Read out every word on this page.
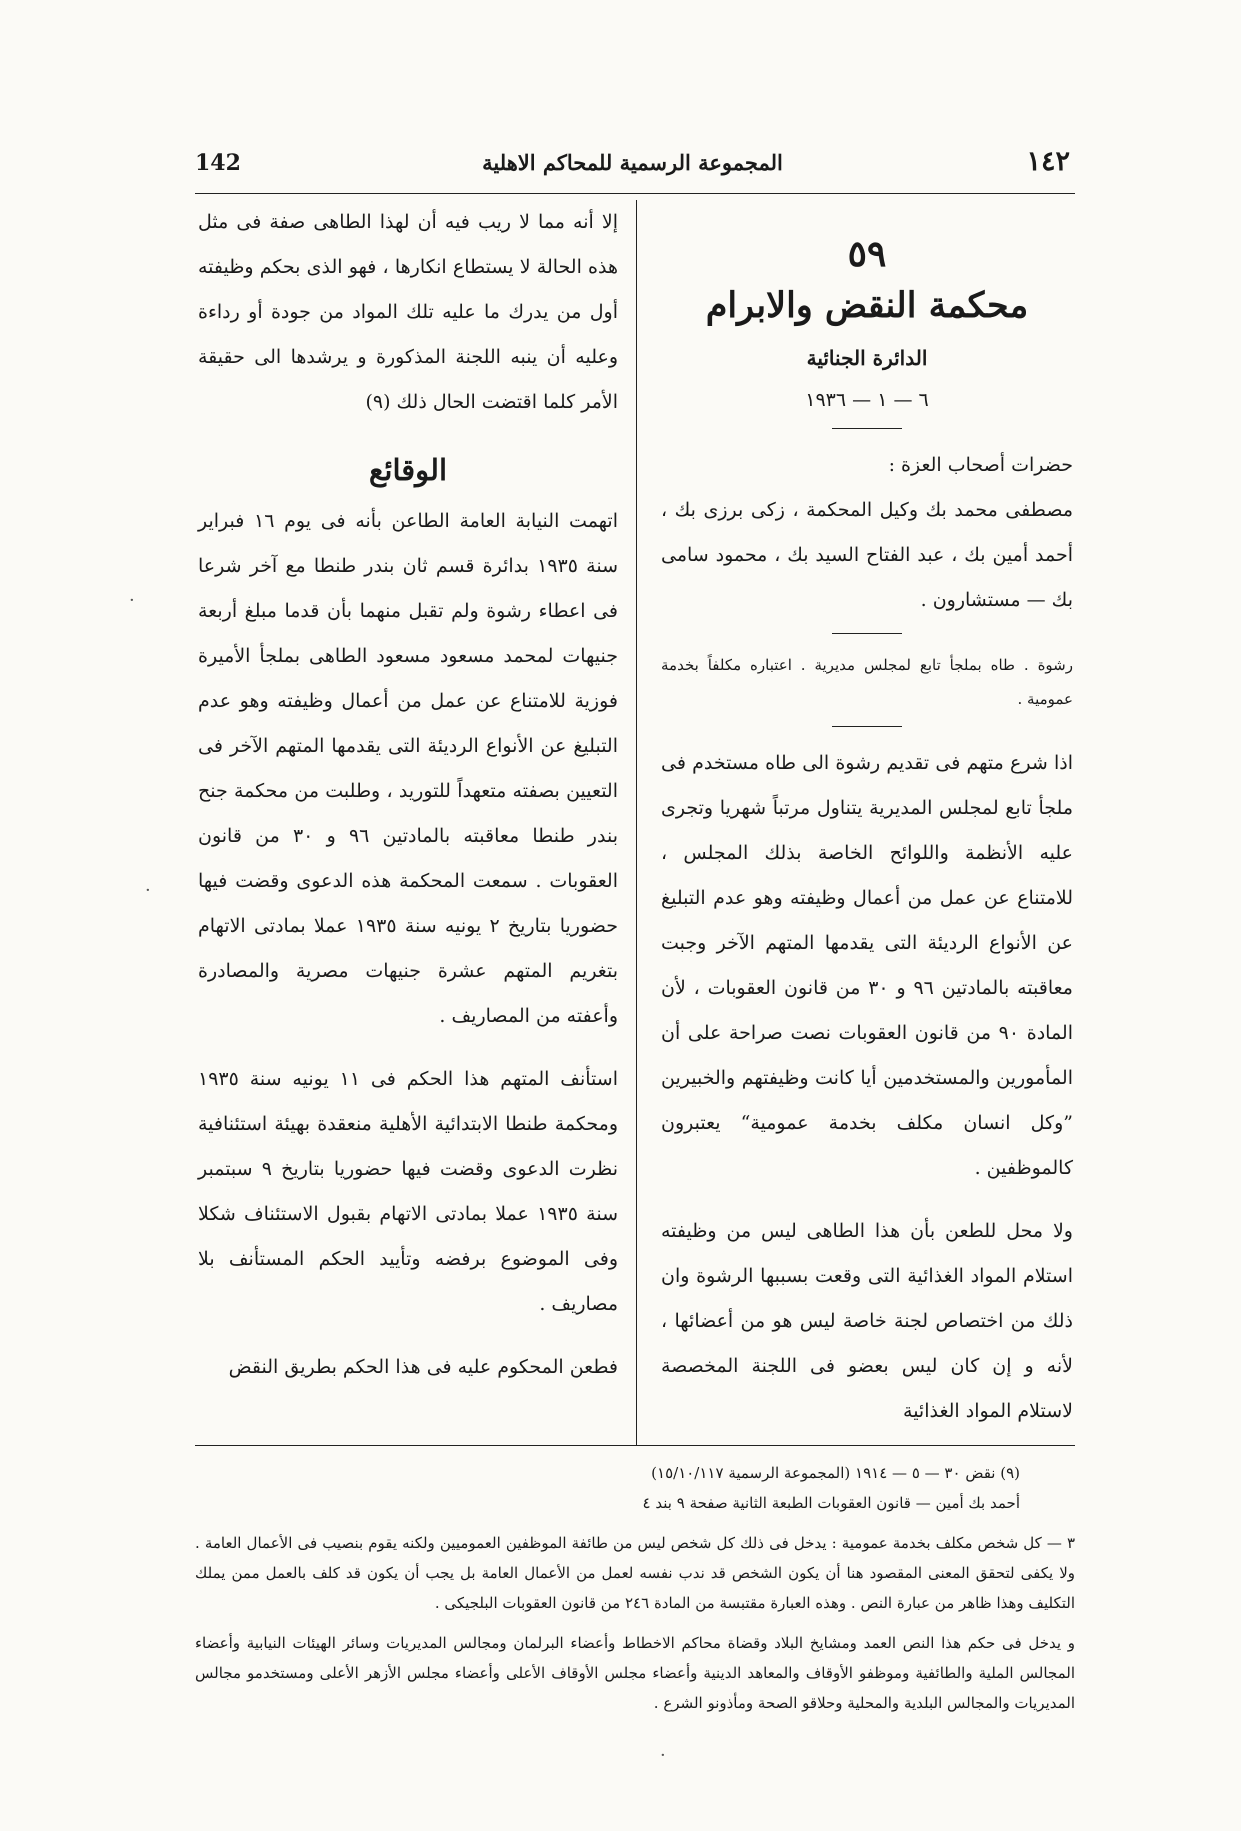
142	المجموعة الرسمية للمحاكم الاهلية	١٤٢
٥٩
محكمة النقض والابرام
الدائرة الجنائية
٦ — ١ — ١٩٣٦

حضرات أصحاب العزة :

مصطفى محمد بك وكيل المحكمة ، زكى برزى بك ، أحمد أمين بك ، عبد الفتاح السيد بك ، محمود سامى بك — مستشارون .

رشوة . طاه بملجأ تابع لمجلس مديرية . اعتباره مكلفاً بخدمة عمومية .

اذا شرع متهم فى تقديم رشوة الى طاه مستخدم فى ملجأ تابع لمجلس المديرية يتناول مرتباً شهريا وتجرى عليه الأنظمة واللوائح الخاصة بذلك المجلس ، للامتناع عن عمل من أعمال وظيفته وهو عدم التبليغ عن الأنواع الرديئة التى يقدمها المتهم الآخر وجبت معاقبته بالمادتين ٩٦ و ٣٠ من قانون العقوبات ، لأن المادة ٩٠ من قانون العقوبات نصت صراحة على أن المأمورين والمستخدمين أيا كانت وظيفتهم والخبيرين ”وكل انسان مكلف بخدمة عمومية“ يعتبرون كالموظفين .

ولا محل للطعن بأن هذا الطاهى ليس من وظيفته استلام المواد الغذائية التى وقعت بسببها الرشوة وان ذلك من اختصاص لجنة خاصة ليس هو من أعضائها ، لأنه و إن كان ليس بعضو فى اللجنة المخصصة لاستلام المواد الغذائية

إلا أنه مما لا ريب فيه أن لهذا الطاهى صفة فى مثل هذه الحالة لا يستطاع انكارها ، فهو الذى بحكم وظيفته أول من يدرك ما عليه تلك المواد من جودة أو رداءة وعليه أن ينبه اللجنة المذكورة و يرشدها الى حقيقة الأمر كلما اقتضت الحال ذلك (٩)

الوقائع

اتهمت النيابة العامة الطاعن بأنه فى يوم ١٦ فبراير سنة ١٩٣٥ بدائرة قسم ثان بندر طنطا مع آخر شرعا فى اعطاء رشوة ولم تقبل منهما بأن قدما مبلغ أربعة جنيهات لمحمد مسعود مسعود الطاهى بملجأ الأميرة فوزية للامتناع عن عمل من أعمال وظيفته وهو عدم التبليغ عن الأنواع الرديئة التى يقدمها المتهم الآخر فى التعيين بصفته متعهداً للتوريد ، وطلبت من محكمة جنح بندر طنطا معاقبته بالمادتين ٩٦ و ٣٠ من قانون العقوبات . سمعت المحكمة هذه الدعوى وقضت فيها حضوريا بتاريخ ٢ يونيه سنة ١٩٣٥ عملا بمادتى الاتهام بتغريم المتهم عشرة جنيهات مصرية والمصادرة وأعفته من المصاريف .

استأنف المتهم هذا الحكم فى ١١ يونيه سنة ١٩٣٥ ومحكمة طنطا الابتدائية الأهلية منعقدة بهيئة استئنافية نظرت الدعوى وقضت فيها حضوريا بتاريخ ٩ سبتمبر سنة ١٩٣٥ عملا بمادتى الاتهام بقبول الاستئناف شكلا وفى الموضوع برفضه وتأييد الحكم المستأنف بلا مصاريف .

فطعن المحكوم عليه فى هذا الحكم بطريق النقض

(٩) نقض ٣٠ — ٥ — ١٩١٤ (المجموعة الرسمية ١٥/١٠/١١٧)

أحمد بك أمين — قانون العقوبات الطبعة الثانية صفحة ٩ بند ٤

٣ — كل شخص مكلف بخدمة عمومية : يدخل فى ذلك كل شخص ليس من طائفة الموظفين العموميين ولكنه يقوم بنصيب فى الأعمال العامة . ولا يكفى لتحقق المعنى المقصود هنا أن يكون الشخص قد ندب نفسه لعمل من الأعمال العامة بل يجب أن يكون قد كلف بالعمل ممن يملك التكليف وهذا ظاهر من عبارة النص . وهذه العبارة مقتبسة من المادة ٢٤٦ من قانون العقوبات البلجيكى .

و يدخل فى حكم هذا النص العمد ومشايخ البلاد وقضاة محاكم الاخطاط وأعضاء البرلمان ومجالس المديريات وسائر الهيئات النيابية وأعضاء المجالس الملية والطائفية وموظفو الأوقاف والمعاهد الدينية وأعضاء مجلس الأوقاف الأعلى وأعضاء مجلس الأزهر الأعلى ومستخدمو مجالس المديريات والمجالس البلدية والمحلية وحلاقو الصحة ومأذونو الشرع .

·
·
·
